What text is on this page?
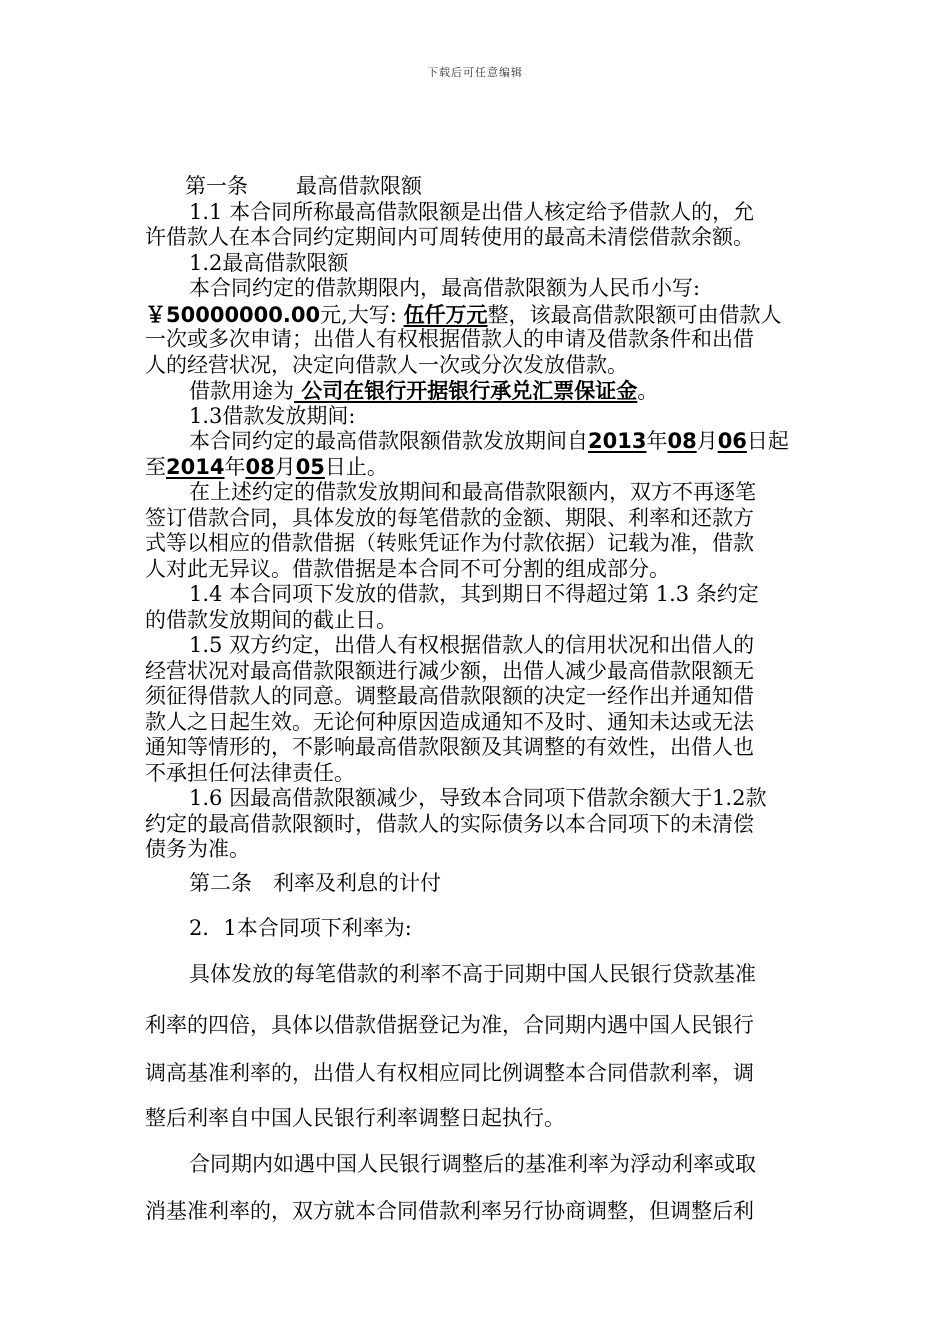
下载后可任意编辑
第一条 最高借款限额
1.1 本合同所称最高借款限额是出借人核定给予借款人的，允
许借款人在本合同约定期间内可周转使用的最高未清偿借款余额。
1.2最高借款限额
本合同约定的借款期限内，最高借款限额为人民币小写:
￥50000000.00元,大写: 伍仟万元整，该最高借款限额可由借款人
一次或多次申请；出借人有权根据借款人的申请及借款条件和出借
人的经营状况，决定向借款人一次或分次发放借款。
借款用途为 公司在银行开据银行承兑汇票保证金。
1.3借款发放期间:
本合同约定的最高借款限额借款发放期间自2013年08月06日起
至2014年08月05日止。
在上述约定的借款发放期间和最高借款限额内，双方不再逐笔
签订借款合同，具体发放的每笔借款的金额、期限、利率和还款方
式等以相应的借款借据（转账凭证作为付款依据）记载为准，借款
人对此无异议。借款借据是本合同不可分割的组成部分。
1.4 本合同项下发放的借款，其到期日不得超过第 1.3 条约定
的借款发放期间的截止日。
1.5 双方约定，出借人有权根据借款人的信用状况和出借人的
经营状况对最高借款限额进行减少额，出借人减少最高借款限额无
须征得借款人的同意。调整最高借款限额的决定一经作出并通知借
款人之日起生效。无论何种原因造成通知不及时、通知未达或无法
通知等情形的，不影响最高借款限额及其调整的有效性，出借人也
不承担任何法律责任。
1.6 因最高借款限额减少，导致本合同项下借款余额大于1.2款
约定的最高借款限额时，借款人的实际债务以本合同项下的未清偿
债务为准。
第二条　利率及利息的计付
2．1本合同项下利率为:
具体发放的每笔借款的利率不高于同期中国人民银行贷款基准
利率的四倍，具体以借款借据登记为准，合同期内遇中国人民银行
调高基准利率的，出借人有权相应同比例调整本合同借款利率，调
整后利率自中国人民银行利率调整日起执行。
合同期内如遇中国人民银行调整后的基准利率为浮动利率或取
消基准利率的，双方就本合同借款利率另行协商调整，但调整后利
